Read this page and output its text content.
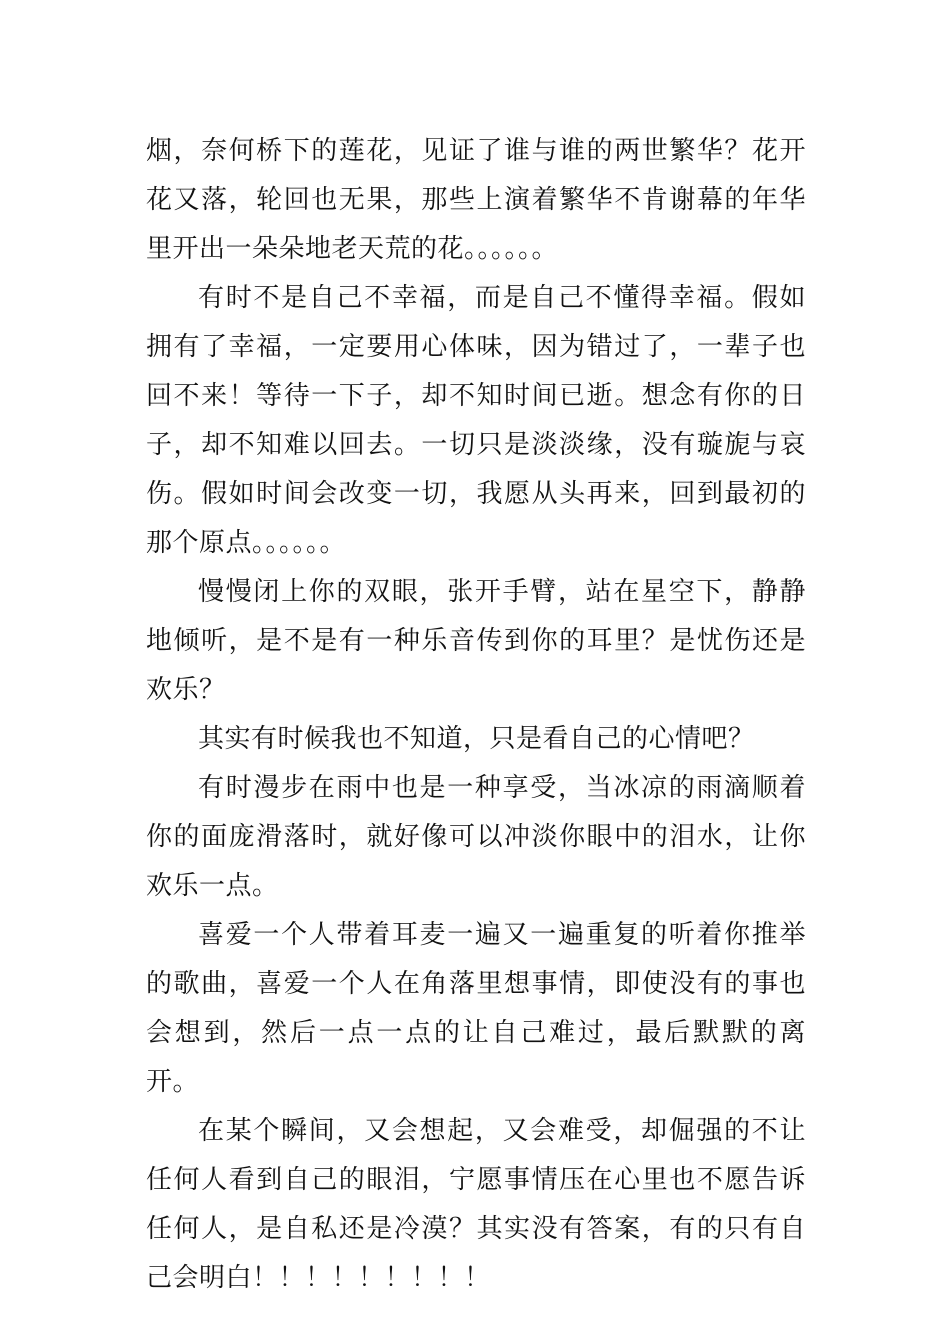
烟，奈何桥下的莲花，见证了谁与谁的两世繁华？花开花又落，轮回也无果，那些上演着繁华不肯谢幕的年华里开出一朵朵地老天荒的花。。。。。。

有时不是自己不幸福，而是自己不懂得幸福。假如拥有了幸福，一定要用心体味，因为错过了，一辈子也回不来！等待一下子，却不知时间已逝。想念有你的日子，却不知难以回去。一切只是淡淡缘，没有璇旎与哀伤。假如时间会改变一切，我愿从头再来，回到最初的那个原点。。。。。。

慢慢闭上你的双眼，张开手臂，站在星空下，静静地倾听，是不是有一种乐音传到你的耳里？是忧伤还是欢乐？

其实有时候我也不知道，只是看自己的心情吧？

有时漫步在雨中也是一种享受，当冰凉的雨滴顺着你的面庞滑落时，就好像可以冲淡你眼中的泪水，让你欢乐一点。

喜爱一个人带着耳麦一遍又一遍重复的听着你推举的歌曲，喜爱一个人在角落里想事情，即使没有的事也会想到，然后一点一点的让自己难过，最后默默的离开。

在某个瞬间，又会想起，又会难受，却倔强的不让任何人看到自己的眼泪，宁愿事情压在心里也不愿告诉任何人，是自私还是冷漠？其实没有答案，有的只有自己会明白！！！！！！！！！
